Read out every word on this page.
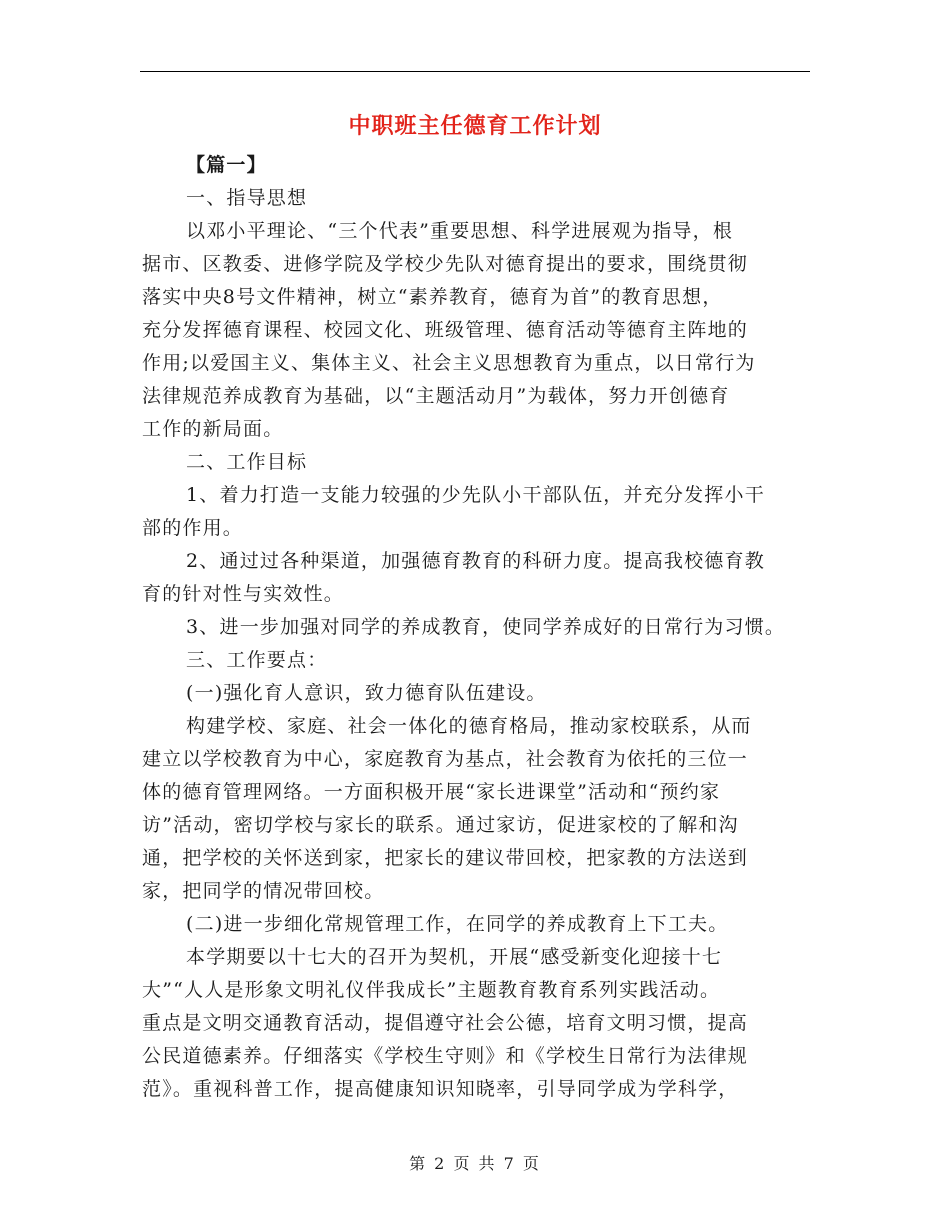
中职班主任德育工作计划
【篇一】
一、指导思想
以邓小平理论、“三个代表”重要思想、科学进展观为指导，根
据市、区教委、进修学院及学校少先队对德育提出的要求，围绕贯彻
落实中央8号文件精神，树立“素养教育，德育为首”的教育思想，
充分发挥德育课程、校园文化、班级管理、德育活动等德育主阵地的
作用;以爱国主义、集体主义、社会主义思想教育为重点，以日常行为
法律规范养成教育为基础，以“主题活动月”为载体，努力开创德育
工作的新局面。
二、工作目标
1、着力打造一支能力较强的少先队小干部队伍，并充分发挥小干
部的作用。
2、通过过各种渠道，加强德育教育的科研力度。提高我校德育教
育的针对性与实效性。
3、进一步加强对同学的养成教育，使同学养成好的日常行为习惯。
三、工作要点：
(一)强化育人意识，致力德育队伍建设。
构建学校、家庭、社会一体化的德育格局，推动家校联系，从而
建立以学校教育为中心，家庭教育为基点，社会教育为依托的三位一
体的德育管理网络。一方面积极开展“家长进课堂”活动和“预约家
访”活动，密切学校与家长的联系。通过家访，促进家校的了解和沟
通，把学校的关怀送到家，把家长的建议带回校，把家教的方法送到
家，把同学的情况带回校。
(二)进一步细化常规管理工作，在同学的养成教育上下工夫。
本学期要以十七大的召开为契机，开展“感受新变化迎接十七
大”“人人是形象文明礼仪伴我成长”主题教育教育系列实践活动。
重点是文明交通教育活动，提倡遵守社会公德，培育文明习惯，提高
公民道德素养。仔细落实《学校生守则》和《学校生日常行为法律规
范》。重视科普工作，提高健康知识知晓率，引导同学成为学科学，
第 2 页 共 7 页
